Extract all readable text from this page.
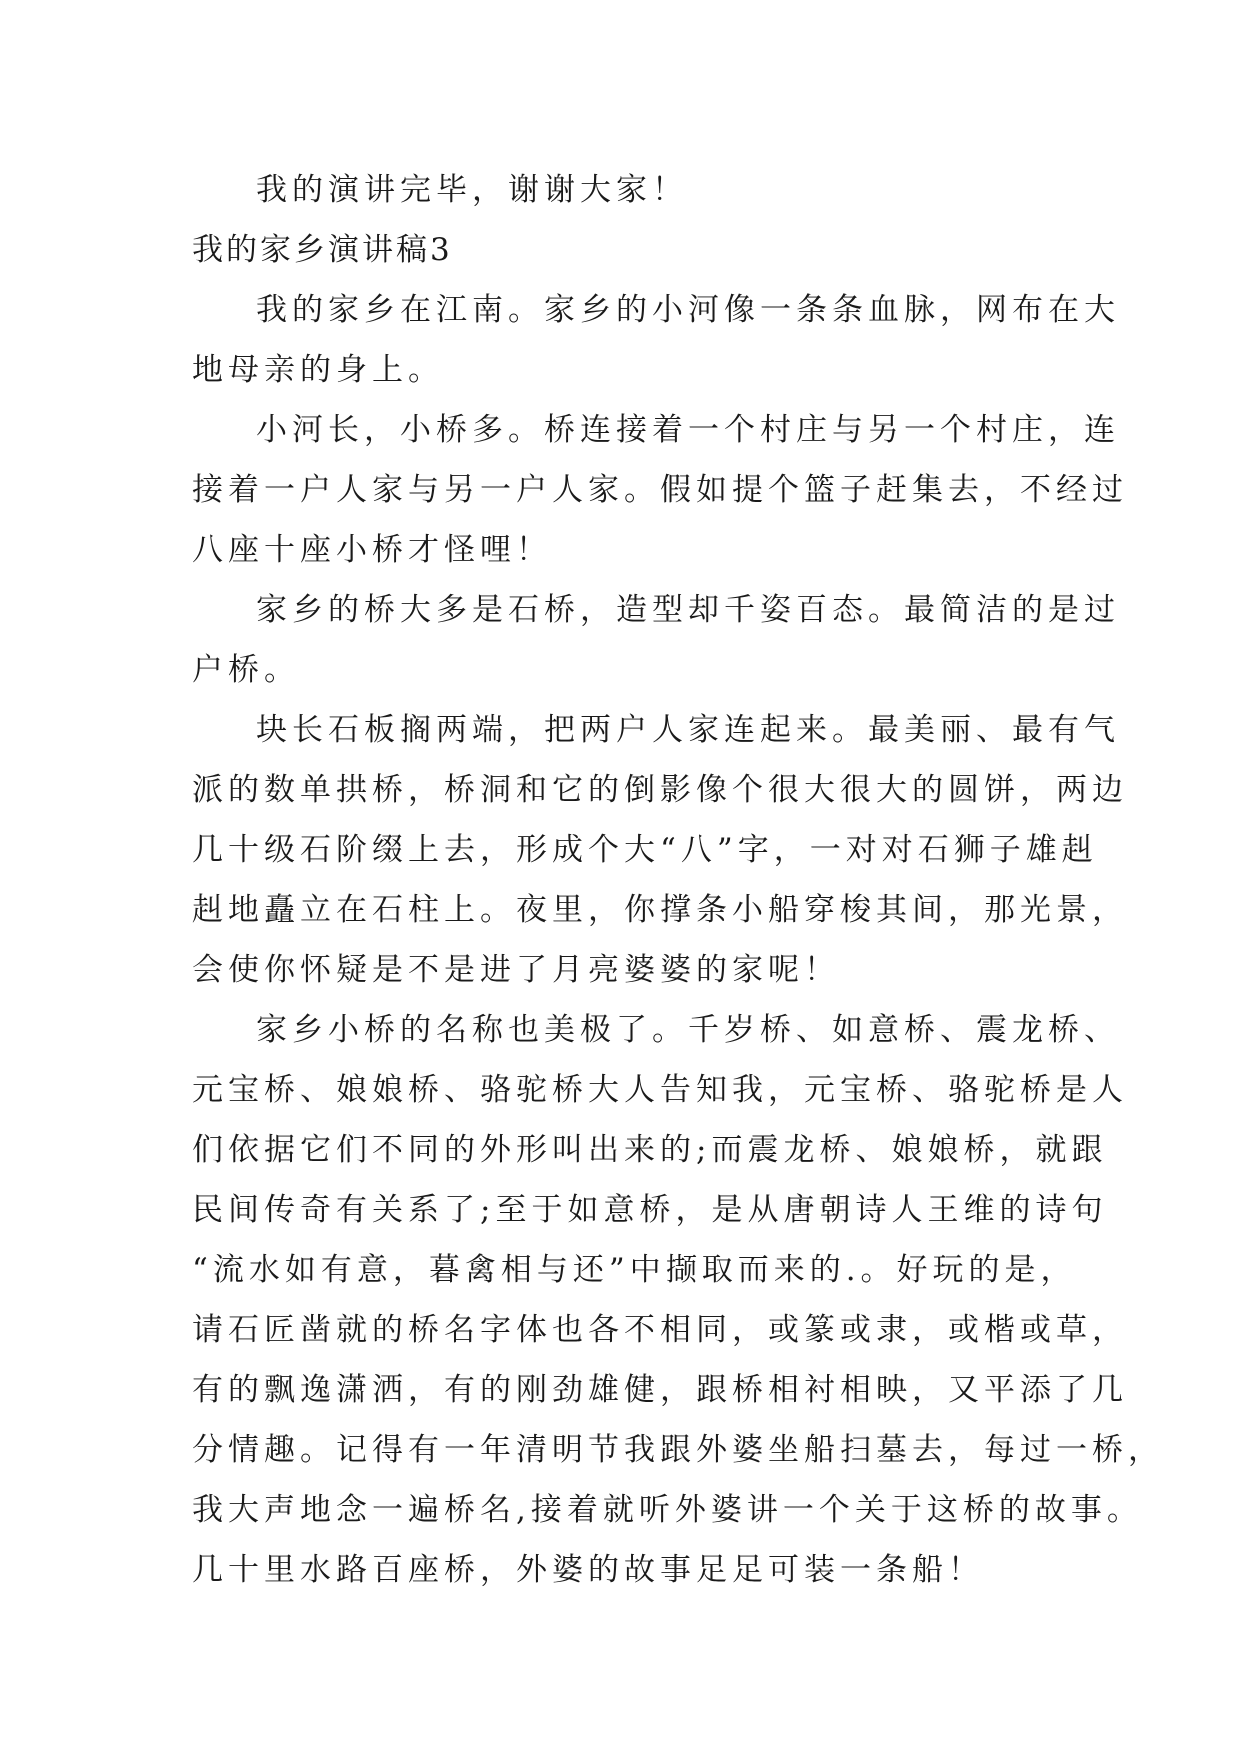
我的演讲完毕，谢谢大家！
我的家乡演讲稿3
我的家乡在江南。家乡的小河像一条条血脉，网布在大
地母亲的身上。
小河长，小桥多。桥连接着一个村庄与另一个村庄，连
接着一户人家与另一户人家。假如提个篮子赶集去，不经过
八座十座小桥才怪哩！
家乡的桥大多是石桥，造型却千姿百态。最简洁的是过
户桥。
块长石板搁两端，把两户人家连起来。最美丽、最有气
派的数单拱桥，桥洞和它的倒影像个很大很大的圆饼，两边
几十级石阶缀上去，形成个大“八”字，一对对石狮子雄赳
赳地矗立在石柱上。夜里，你撑条小船穿梭其间，那光景，
会使你怀疑是不是进了月亮婆婆的家呢！
家乡小桥的名称也美极了。千岁桥、如意桥、震龙桥、
元宝桥、娘娘桥、骆驼桥大人告知我，元宝桥、骆驼桥是人
们依据它们不同的外形叫出来的;而震龙桥、娘娘桥，就跟
民间传奇有关系了;至于如意桥，是从唐朝诗人王维的诗句
“流水如有意，暮禽相与还”中撷取而来的.。好玩的是，
请石匠凿就的桥名字体也各不相同，或篆或隶，或楷或草，
有的飘逸潇洒，有的刚劲雄健，跟桥相衬相映，又平添了几
分情趣。记得有一年清明节我跟外婆坐船扫墓去，每过一桥，
我大声地念一遍桥名,接着就听外婆讲一个关于这桥的故事。
几十里水路百座桥，外婆的故事足足可装一条船！
